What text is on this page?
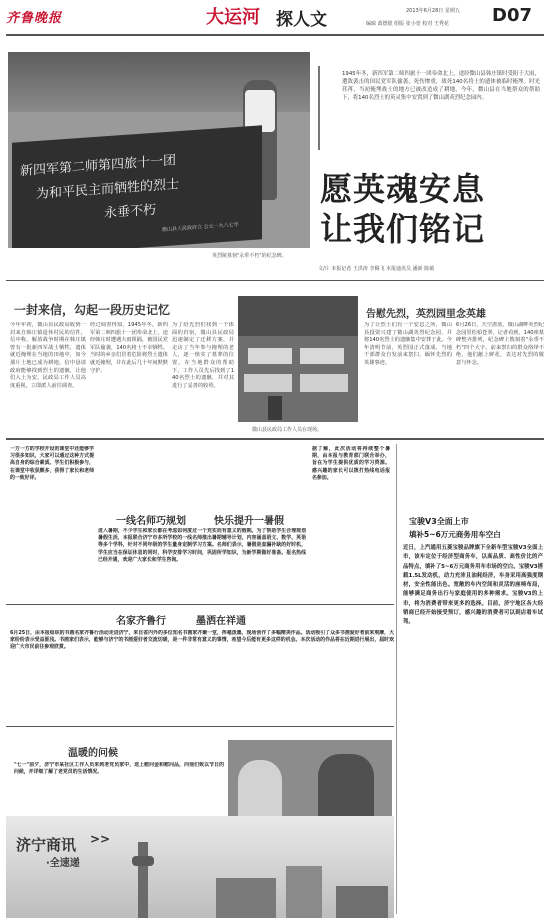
齐鲁晚报	大运河 探人文	2013年6月28日 星期五
编辑 葛德银 组版 张小宽 校对 王秀花 D07
新四军第二师第四旅十一团
为和平民主而牺牲的烈士
永垂不朽
微山县人民政府立 公元一九八七年
英烈陵墓刻"永垂不朽"的纪念碑。
1945年冬，新四军第二师四旅十一团奉命北上，途经微山县韩庄镇时受阻于大雨，遭敌袭击的国民党军队偷袭，死伤惨重，战死140名将士的遗体被临时掩埋。时光荏苒，当初掩埋战士的地方已被改造成了耕地，今年，微山县在当地帮众的帮助下，将140名烈士的英灵集中安置到了微山湖英烈纪念园内。
愿英魂安息
让我们铭记
文/片 本报记者 王洪涛 李腾飞 本报通讯员 潘新 陈敏
一封来信，勾起一段历史记忆
今年年初，微山县民政局收到一封来自韩庄镇退休村民的信件，信中称，解放战争时期在韩庄镇曾有一批新四军战士牺牲，遗体就近掩埋在当地的田地中，如今那片土地已成为耕地。信中恳请政府能够找到烈士的遗骸，让他们入土为安。民政局工作人员高度重视，立即派人前往调查。
经过调查得知，1945年冬，新四军第二师四旅十一团奉命北上，途经韩庄时遭遇大雨阻隔，被国民党军队偷袭，140名将士不幸牺牲。当时的乡亲们冒着危险将烈士遗体就近掩埋，并在此后几十年间默默守护。
为了给先烈们找到一个体面的归宿，微山县民政局迅速制定了迁移方案，并走访了当年参与掩埋的老人，逐一核实了墓葬的位置。在当地群众的帮助下，工作人员先后找到了140名烈士的遗骸，并对其进行了妥善的收殓。
微山县民政局工作人员在现场。
告慰先烈，英烈园里念英雄
为了让烈士们有一个安息之所，微山县投资兴建了微山湖英烈纪念园，并将140名烈士的遗骸集中安葬于此。今年清明节前，英烈园正式落成，当地干部群众自发前来祭扫，缅怀先烈的英雄事迹。
6月26日，天空湛蓝，微山湖畔英烈纪念园里松柏苍翠。记者看到，140座墓碑整齐排列，纪念碑上镌刻着"永垂不朽"四个大字。前来祭扫的群众络绎不绝，他们献上鲜花，表达对先烈的敬意与怀念。
一方一方的学校开设的课堂中还能够学习很多知识，大家可以通过这种方式提高自身的综合素质。学生们积极参与，在课堂中收获颇多，获得了家长和老师的一致好评。
一线名师巧规划	快乐提升一暑假
进入暑期，不少学生和家长都在考虑如何度过一个充实而有意义的假期。为了帮助学生合理规划暑假生活，本报联合济宁市多所学校的一线名师推出暑期辅导计划，内容涵盖语文、数学、英语等多个学科，针对不同年级的学生量身定制学习方案。名师们表示，暑假是查漏补缺的好时机，学生应当在保证休息的同时，科学安排学习时间，巩固所学知识，为新学期做好准备。报名热线已经开通，欢迎广大家长和学生咨询。
据了解，此次活动将持续整个暑期，由本报与教育部门联合举办，旨在为学生提供优质的学习资源。感兴趣的家长可以拨打热线电话报名参加。
名家齐鲁行	墨洒在祥通
6月25日，由本报组织的书画名家齐鲁行活动走进济宁，来自省内外的多位知名书画家齐聚一堂，挥毫泼墨，现场创作了多幅精美作品。活动吸引了众多书画爱好者前来观摩，大家纷纷表示受益匪浅。书画家们表示，能够与济宁的书画爱好者交流切磋，是一件非常有意义的事情，希望今后能有更多这样的机会。本次活动的作品将在近期进行展出，届时欢迎广大市民前往参观欣赏。
宝骏V3全面上市
填补5~6万元商务用车空白
近日，上汽通用五菱宝骏品牌旗下全新车型宝骏V3全面上市，该车定位于经济型商务车，以高品质、高性价比的产品特点，填补了5~6万元商务用车市场的空白。宝骏V3搭载1.5L发动机，动力充沛且油耗经济，车身采用高强度钢材，安全性能出色。宽敞的车内空间和灵活的座椅布局，能够满足商务出行与家庭使用的多种需求。宝骏V3的上市，将为消费者带来更多的选择。目前，济宁地区各大经销商已经开始接受预订，感兴趣的消费者可以到店看车试驾。
温暖的问候
"七一"前夕，济宁市某社区工作人员来到老党员家中，送上慰问金和慰问品，向他们致以节日的问候，并详细了解了老党员的生活情况。
济宁商讯 >>
·全速递
